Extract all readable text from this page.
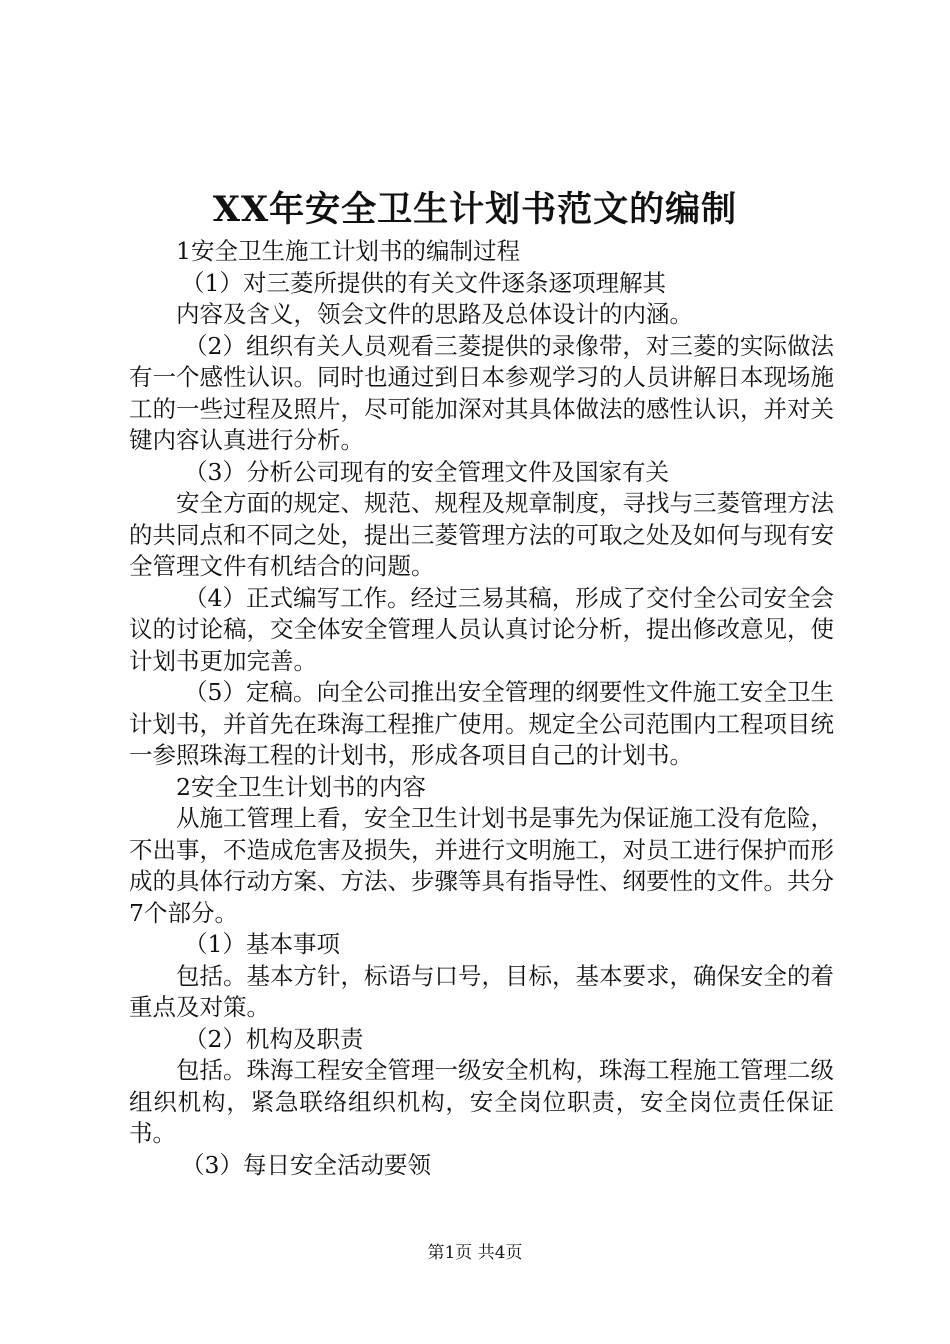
XX年安全卫生计划书范文的编制

1安全卫生施工计划书的编制过程

（1）对三菱所提供的有关文件逐条逐项理解其

内容及含义，领会文件的思路及总体设计的内涵。

（2）组织有关人员观看三菱提供的录像带，对三菱的实际做法有一个感性认识。同时也通过到日本参观学习的人员讲解日本现场施工的一些过程及照片，尽可能加深对其具体做法的感性认识，并对关键内容认真进行分析。

（3）分析公司现有的安全管理文件及国家有关

安全方面的规定、规范、规程及规章制度，寻找与三菱管理方法的共同点和不同之处，提出三菱管理方法的可取之处及如何与现有安全管理文件有机结合的问题。

（4）正式编写工作。经过三易其稿，形成了交付全公司安全会议的讨论稿，交全体安全管理人员认真讨论分析，提出修改意见，使计划书更加完善。

（5）定稿。向全公司推出安全管理的纲要性文件施工安全卫生计划书，并首先在珠海工程推广使用。规定全公司范围内工程项目统一参照珠海工程的计划书，形成各项目自己的计划书。

2安全卫生计划书的内容

从施工管理上看，安全卫生计划书是事先为保证施工没有危险，不出事，不造成危害及损失，并进行文明施工，对员工进行保护而形成的具体行动方案、方法、步骤等具有指导性、纲要性的文件。共分7个部分。

（1）基本事项

包括。基本方针，标语与口号，目标，基本要求，确保安全的着重点及对策。

（2）机构及职责

包括。珠海工程安全管理一级安全机构，珠海工程施工管理二级组织机构，紧急联络组织机构，安全岗位职责，安全岗位责任保证书。

（3）每日安全活动要领

第1页 共4页
